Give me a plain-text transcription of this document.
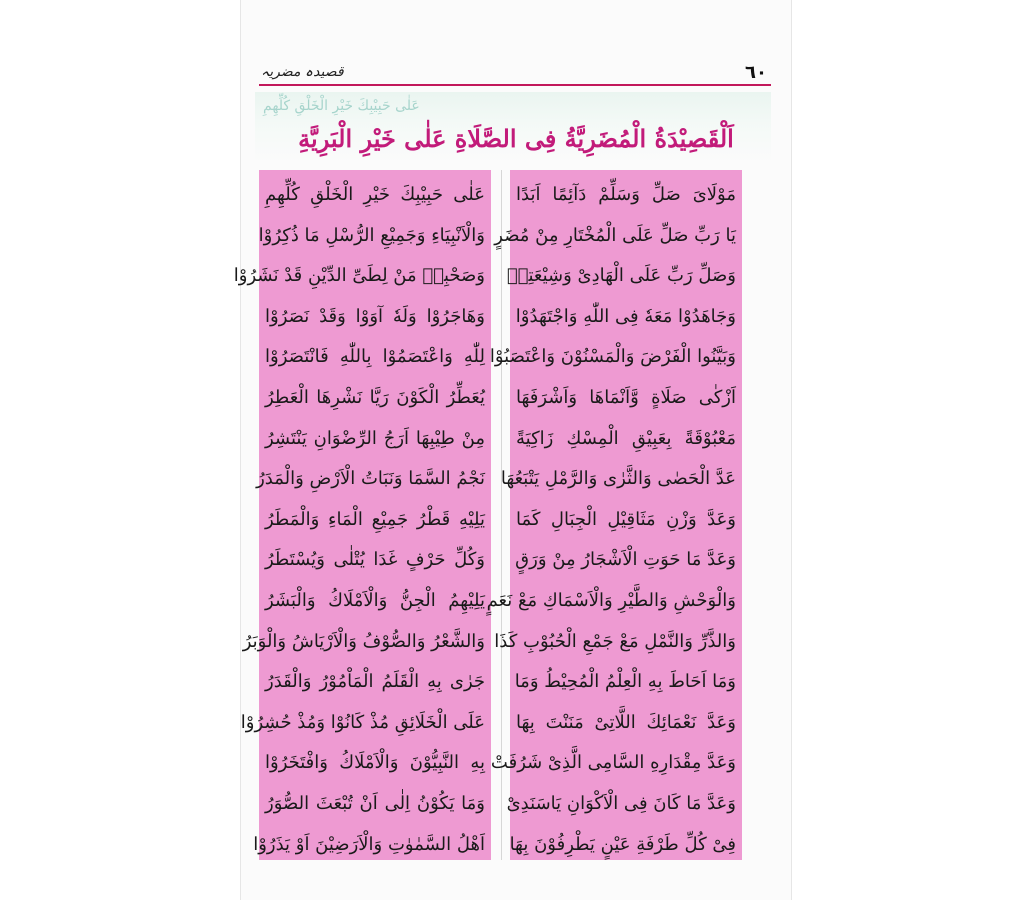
٦٠
قصیدہ مضریہ
عَلٰی حَبِیْبِكَ خَیْرِ الْخَلْقِ كُلِّهِمِ
اَلْقَصِیْدَةُ الْمُضَرِیَّةُ فِی الصَّلَاةِ عَلٰی خَیْرِ الْبَرِیَّةِ
عَلٰی حَبِیْبِكَ خَیْرِ الْخَلْقِ كُلِّهِمِ
وَالْاَنْبِیَاءِ وَجَمِیْعِ الرُّسْلِ مَا ذُكِرُوْا
وَصَحْبِهٖ مَنْ لِطَیِّ الدِّیْنِ قَدْ نَشَرُوْا
وَهَاجَرُوْا وَلَهٗ آوَوْا وَقَدْ نَصَرُوْا
لِلّٰهِ وَاعْتَصَمُوْا بِاللّٰهِ فَانْتَصَرُوْا
یُعَطِّرُ الْكَوْنَ رَیَّا نَشْرِهَا الْعَطِرُ
مِنْ طِیْبِهَا اَرَجُ الرِّضْوَانِ یَنْتَشِرُ
نَجْمُ السَّمَا وَنَبَاتُ الْاَرْضِ وَالْمَدَرُ
یَلِیْهِ قَطْرُ جَمِیْعِ الْمَاءِ وَالْمَطَرُ
وَكُلِّ حَرْفٍ غَدَا یُتْلٰی وَیُسْتَطَرُ
یَلِیْهِمُ الْجِنُّ وَالْاَمْلَاكُ وَالْبَشَرُ
وَالشَّعْرُ وَالصُّوْفُ وَالْاَرْیَاشُ وَالْوَبَرُ
جَرٰی بِهِ الْقَلَمُ الْمَاْمُوْرُ وَالْقَدَرُ
عَلَی الْخَلَائِقِ مُذْ كَانُوْا وَمُذْ حُشِرُوْا
بِهِ النَّبِیُّوْنَ وَالْاَمْلَاكُ وَافْتَخَرُوْا
وَمَا یَكُوْنُ اِلٰی اَنْ تُبْعَثَ الصُّوَرُ
اَهْلُ السَّمٰوٰتِ وَالْاَرَضِیْنَ اَوْ یَذَرُوْا
مَوْلَایَ صَلِّ وَسَلِّمْ دَآئِمًا اَبَدًا
یَا رَبِّ صَلِّ عَلَی الْمُخْتَارِ مِنْ مُضَرٍ
وَصَلِّ رَبِّ عَلَی الْهَادِیْ وَشِیْعَتِهٖ
وَجَاهَدُوْا مَعَهٗ فِی اللّٰهِ وَاجْتَهَدُوْا
وَبَیَّنُوا الْفَرْضَ وَالْمَسْنُوْنَ وَاعْتَصَبُوْا
اَزْکٰی صَلَاةٍ وَّاَنْمَاهَا وَاَشْرَفَهَا
مَعْبُوْقَةً بِعَبِیْقِ الْمِسْكِ زَاكِیَةً
عَدَّ الْحَصٰی وَالثَّرٰی وَالرَّمْلِ یَتْبَعُهَا
وَعَدَّ وَزْنِ مَثَاقِیْلِ الْجِبَالِ كَمَا
وَعَدَّ مَا حَوَتِ الْاَشْجَارُ مِنْ وَرَقٍ
وَالْوَحْشِ وَالطَّیْرِ وَالْاَسْمَاكِ مَعْ نَعَمٍ
وَالذَّرِّ وَالنَّمْلِ مَعْ جَمْعِ الْحُبُوْبِ كَذَا
وَمَا اَحَاطَ بِهِ الْعِلْمُ الْمُحِیْطُ وَمَا
وَعَدَّ نَعْمَائِكَ اللَّاتِیْ مَنَنْتَ بِهَا
وَعَدَّ مِقْدَارِهِ السَّامِی الَّذِیْ شَرُفَتْ
وَعَدَّ مَا كَانَ فِی الْاَكْوَانِ یَاسَنَدِیْ
فِیْ كُلِّ طَرْفَةِ عَیْنٍ یَطْرِفُوْنَ بِهَا
